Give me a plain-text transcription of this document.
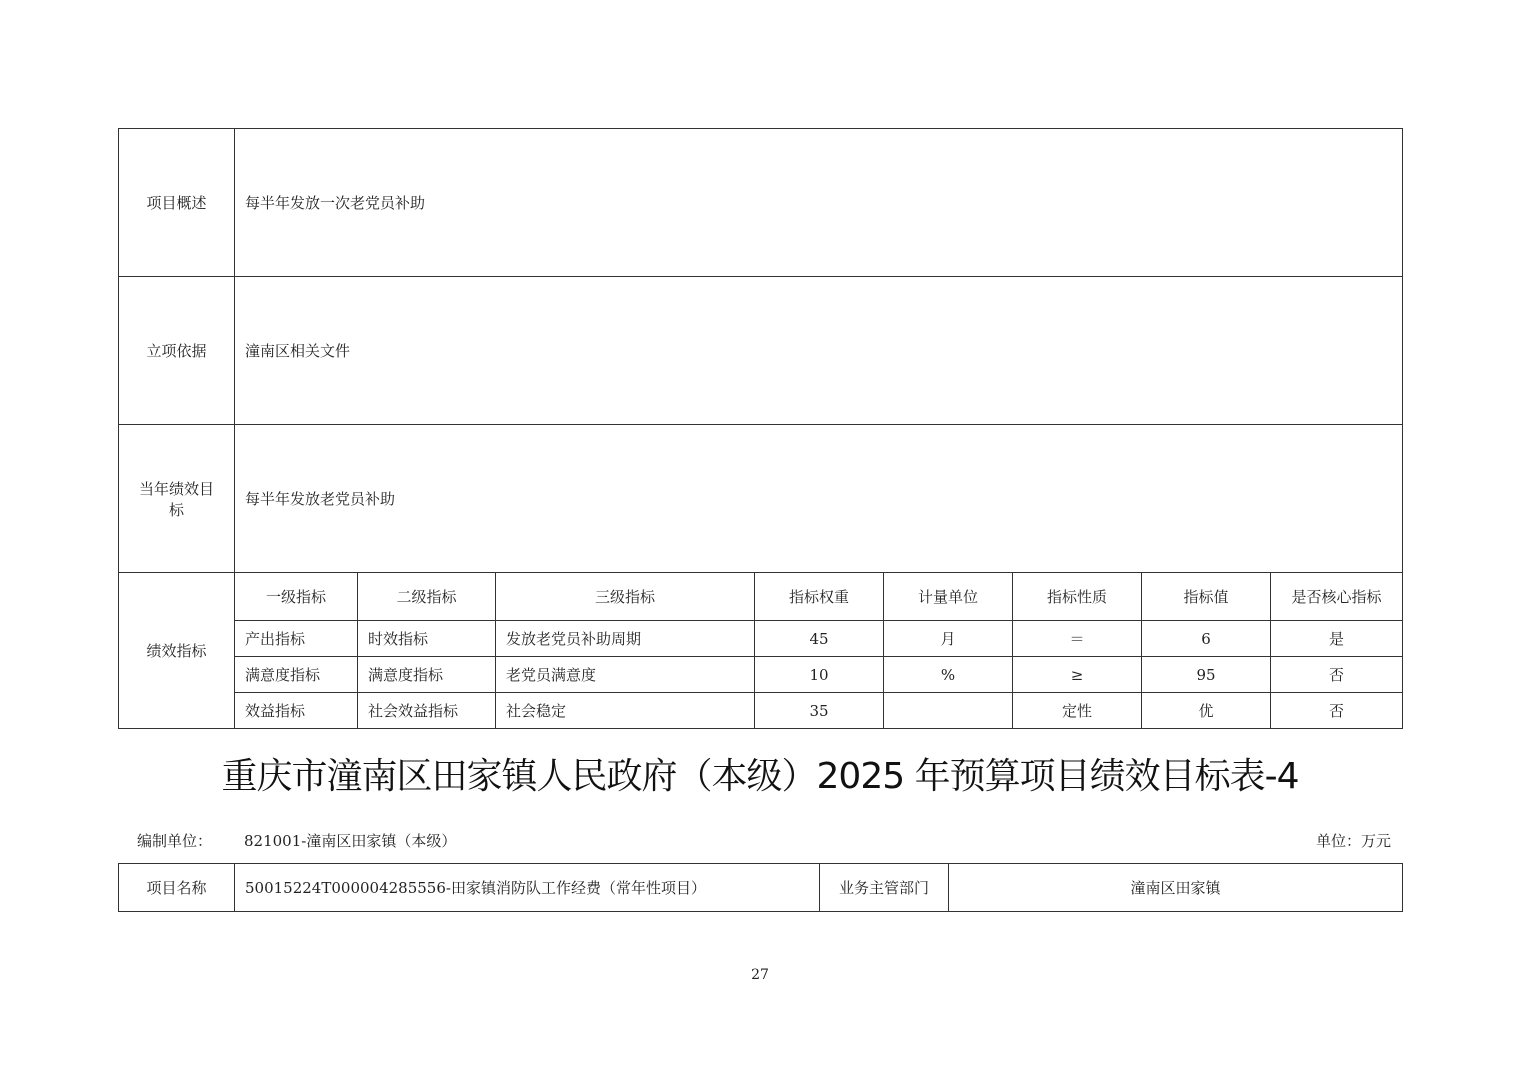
项目概述	每半年发放一次老党员补助							
立项依据	潼南区相关文件							
当年绩效目
标	每半年发放老党员补助							
绩效指标	一级指标	二级指标	三级指标	指标权重	计量单位	指标性质	指标值	是否核心指标
	产出指标	时效指标	发放老党员补助周期	45	月	＝	6	是
	满意度指标	满意度指标	老党员满意度	10	%	≥	95	否
	效益指标	社会效益指标	社会稳定	35		定性	优	否
重庆市潼南区田家镇人民政府（本级）2025 年预算项目绩效目标表-4
编制单位： 821001-潼南区田家镇（本级）	单位：万元
项目名称	50015224T000004285556-田家镇消防队工作经费（常年性项目）	业务主管部门	潼南区田家镇
27
